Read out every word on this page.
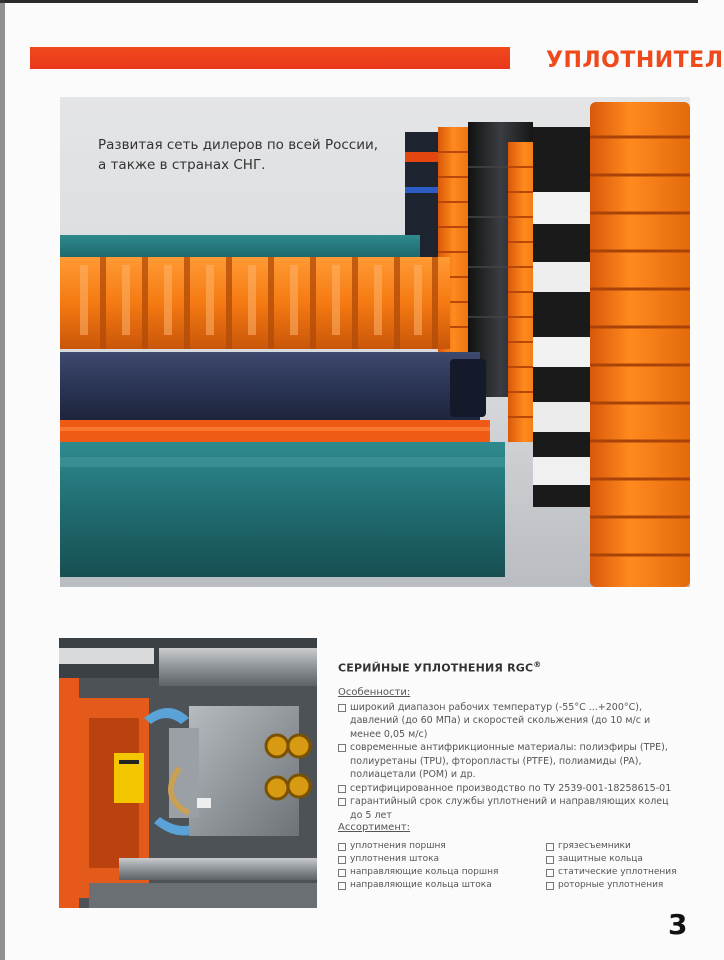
УПЛОТНИТЕЛ
Развитая сеть дилеров по всей России,
а также в странах СНГ.
СЕРИЙНЫЕ УПЛОТНЕНИЯ RGC®
Особенности:
широкий диапазон рабочих температур (-55°C ...+200°C), давлений (до 60 МПа) и скоростей скольжения (до 10 м/с и менее 0,05 м/с)
современные антифрикционные материалы: полиэфиры (TPE), полиуретаны (TPU), фторопласты (PTFE), полиамиды (PA), полиацетали (POM) и др.
сертифицированное производство по ТУ 2539-001-18258615-01
гарантийный срок службы уплотнений и направляющих колец до 5 лет
Ассортимент:
уплотнения поршня
уплотнения штока
направляющие кольца поршня
направляющие кольца штока
грязесъемники
защитные кольца
статические уплотнения
роторные уплотнения
3
